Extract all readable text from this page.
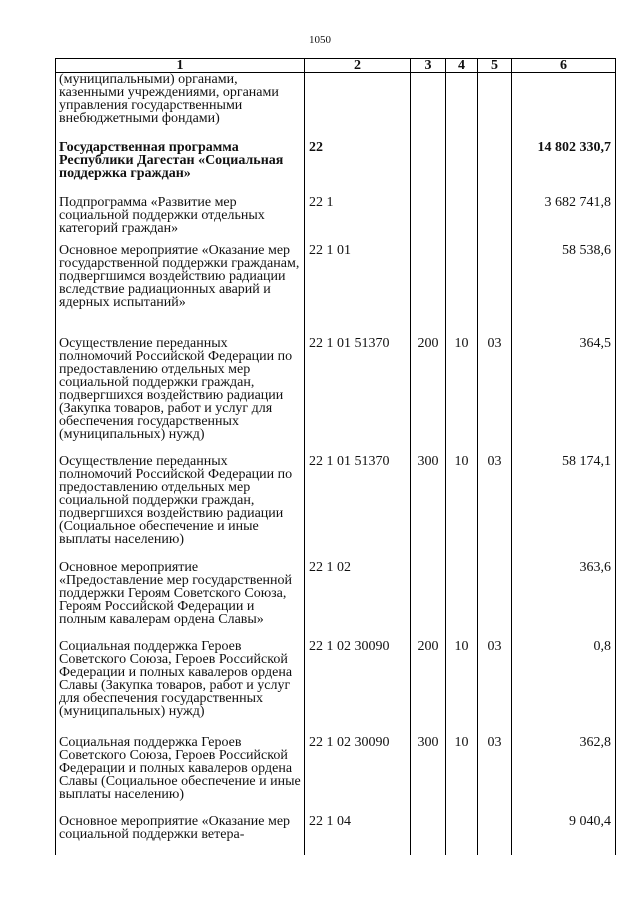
1050
1	2	3	4	5	6
(муниципальными) органами, казенными учреждениями, органами управления государственными внебюджетными фондами)					
Государственная программа Республики Дагестан «Социальная поддержка граждан»	22				14 802 330,7
Подпрограмма «Развитие мер социальной поддержки отдельных категорий граждан»	22 1				3 682 741,8
Основное мероприятие «Оказание мер государственной поддержки гражданам, подвергшимся воздействию радиации вследствие радиационных аварий и ядерных испытаний»	22 1 01				58 538,6
Осуществление переданных полномочий Российской Федерации по предоставлению отдельных мер социальной поддержки граждан, подвергшихся воздействию радиации (Закупка товаров, работ и услуг для обеспечения государственных (муниципальных) нужд)	22 1 01 51370	200	10	03	364,5
Осуществление переданных полномочий Российской Федерации по предоставлению отдельных мер социальной поддержки граждан, подвергшихся воздействию радиации (Социальное обеспечение и иные выплаты населению)	22 1 01 51370	300	10	03	58 174,1
Основное мероприятие «Предоставление мер государственной поддержки Героям Советского Союза, Героям Российской Федерации и полным кавалерам ордена Славы»	22 1 02				363,6
Социальная поддержка Героев Советского Союза, Героев Российской Федерации и полных кавалеров ордена Славы (Закупка товаров, работ и услуг для обеспечения государственных (муниципальных) нужд)	22 1 02 30090	200	10	03	0,8
Социальная поддержка Героев Советского Союза, Героев Российской Федерации и полных кавалеров ордена Славы (Социальное обеспечение и иные выплаты населению)	22 1 02 30090	300	10	03	362,8
Основное мероприятие «Оказание мер социальной поддержки ветера-	22 1 04				9 040,4
